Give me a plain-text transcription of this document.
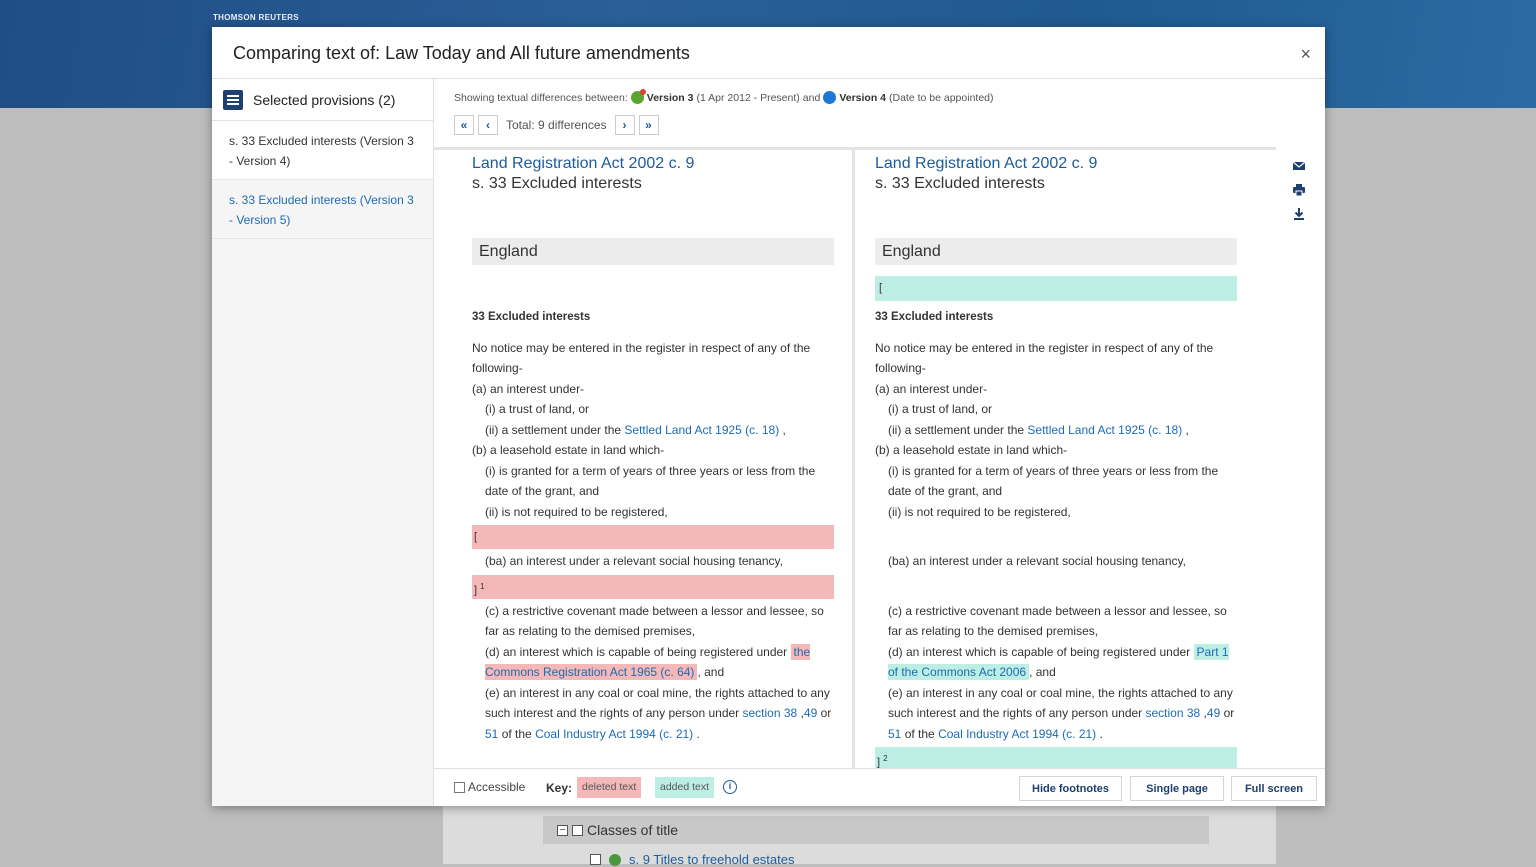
THOMSON REUTERS
− Classes of title
s. 9 Titles to freehold estates
Comparing text of: Law Today and All future amendments	×
Selected provisions (2)
s. 33 Excluded interests (Version 3 - Version 4)
s. 33 Excluded interests (Version 3 - Version 5)
Showing textual differences between: Version 3 (1 Apr 2012 - Present) and Version 4 (Date to be appointed)
«	‹	Total: 9 differences	›	»
Land Registration Act 2002 c. 9
s. 33 Excluded interests
England
33 Excluded interests
No notice may be entered in the register in respect of any of the following-
(a) an interest under-
(i) a trust of land, or
(ii) a settlement under the Settled Land Act 1925 (c. 18) ,
(b) a leasehold estate in land which-
(i) is granted for a term of years of three years or less from the date of the grant, and
(ii) is not required to be registered,
[
(ba) an interest under a relevant social housing tenancy,
] $^1$
(c) a restrictive covenant made between a lessor and lessee, so far as relating to the demised premises,
(d) an interest which is capable of being registered under the Commons Registration Act 1965 (c. 64) , and
(e) an interest in any coal or coal mine, the rights attached to any such interest and the rights of any person under section 38 ,49 or 51 of the Coal Industry Act 1994 (c. 21) .
Land Registration Act 2002 c. 9
s. 33 Excluded interests
England
[
33 Excluded interests
No notice may be entered in the register in respect of any of the following-
(a) an interest under-
(i) a trust of land, or
(ii) a settlement under the Settled Land Act 1925 (c. 18) ,
(b) a leasehold estate in land which-
(i) is granted for a term of years of three years or less from the date of the grant, and
(ii) is not required to be registered,
(ba) an interest under a relevant social housing tenancy,
(c) a restrictive covenant made between a lessor and lessee, so far as relating to the demised premises,
(d) an interest which is capable of being registered under Part 1 of the Commons Act 2006 , and
(e) an interest in any coal or coal mine, the rights attached to any such interest and the rights of any person under section 38 ,49 or 51 of the Coal Industry Act 1994 (c. 21) .
] $^2$
Accessible Key: deleted text	added text	i	Hide footnotes	Single page	Full screen
